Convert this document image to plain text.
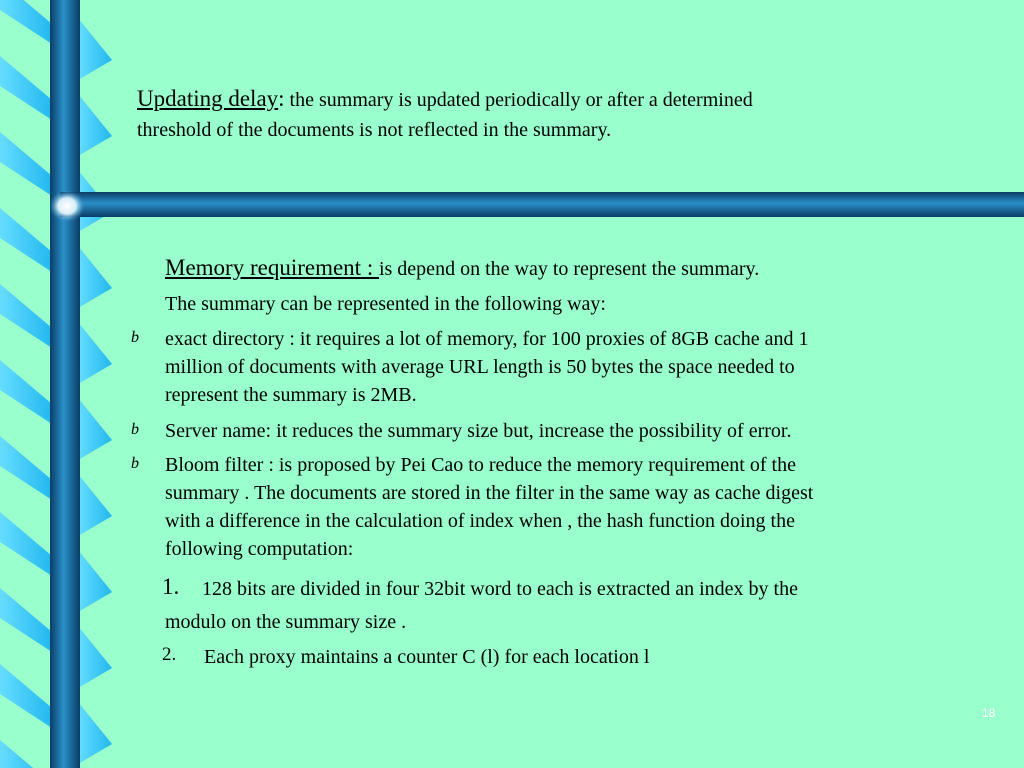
Updating delay: the summary is updated periodically or after a determined
threshold of the documents is not reflected in the summary.
Memory requirement : is depend on the way to represent the summary.
The summary can be represented in the following way:
b exact directory : it requires a lot of memory, for 100 proxies of 8GB cache and 1
million of documents with average URL length is 50 bytes the space needed to
represent the summary is 2MB.
b Server name: it reduces the summary size but, increase the possibility of error.
b Bloom filter : is proposed by Pei Cao to reduce the memory requirement of the
summary . The documents are stored in the filter in the same way as cache digest
with a difference in the calculation of index when , the hash function doing the
following computation:
1. 128 bits are divided in four 32bit word to each is extracted an index by the
modulo on the summary size .
2. Each proxy maintains a counter C (l) for each location l
18
